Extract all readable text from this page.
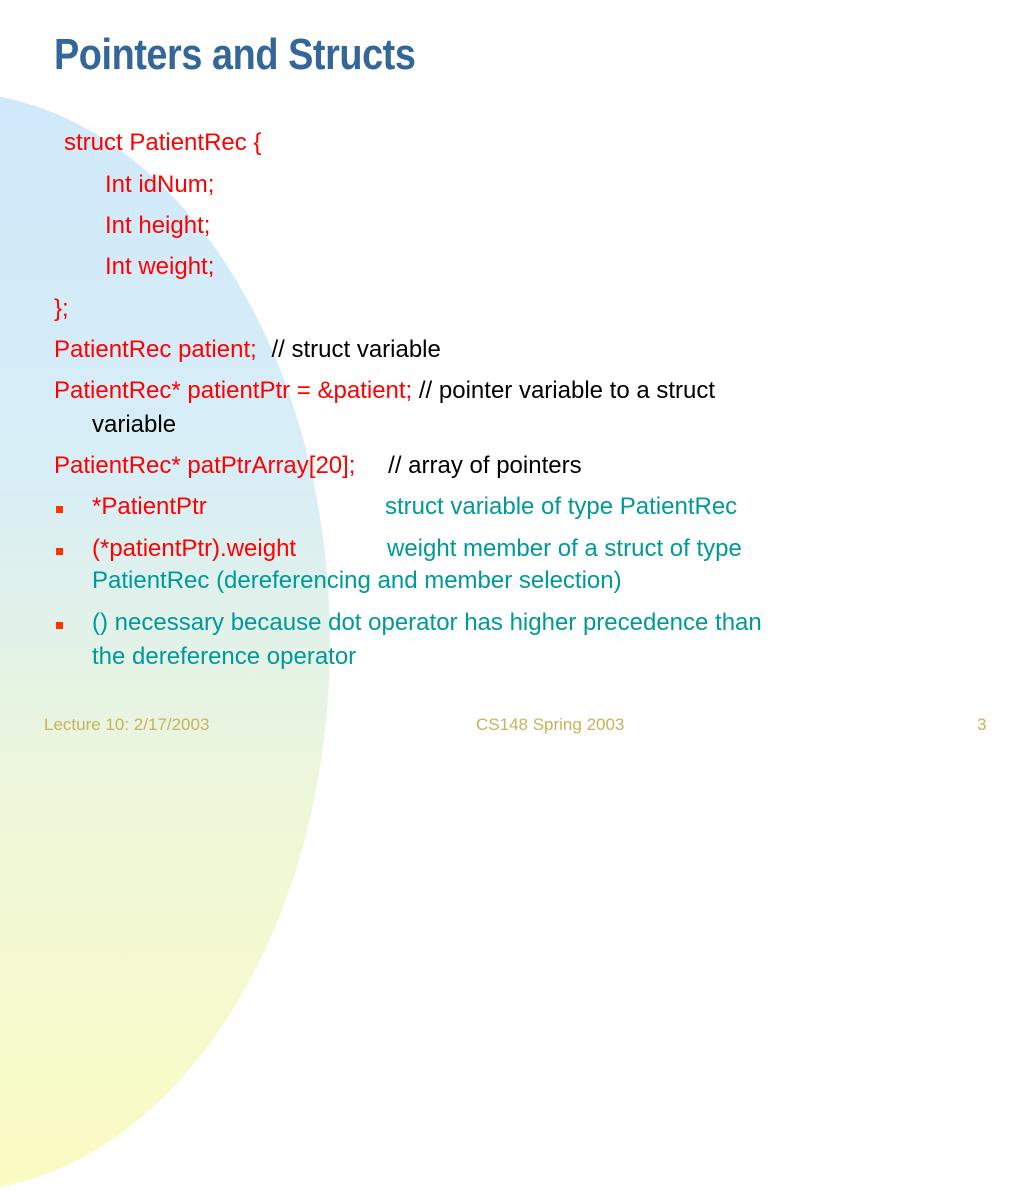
Pointers and Structs
struct PatientRec {
Int idNum;
Int height;
Int weight;
};
PatientRec patient; // struct variable
PatientRec* patientPtr = &patient; // pointer variable to a struct
variable
PatientRec* patPtrArray[20]; // array of pointers
*PatientPtr	struct variable of type PatientRec
(*patientPtr).weight	weight member of a struct of type
PatientRec (dereferencing and member selection)
() necessary because dot operator has higher precedence than
the dereference operator
Lecture 10: 2/17/2003	CS148 Spring 2003	3
